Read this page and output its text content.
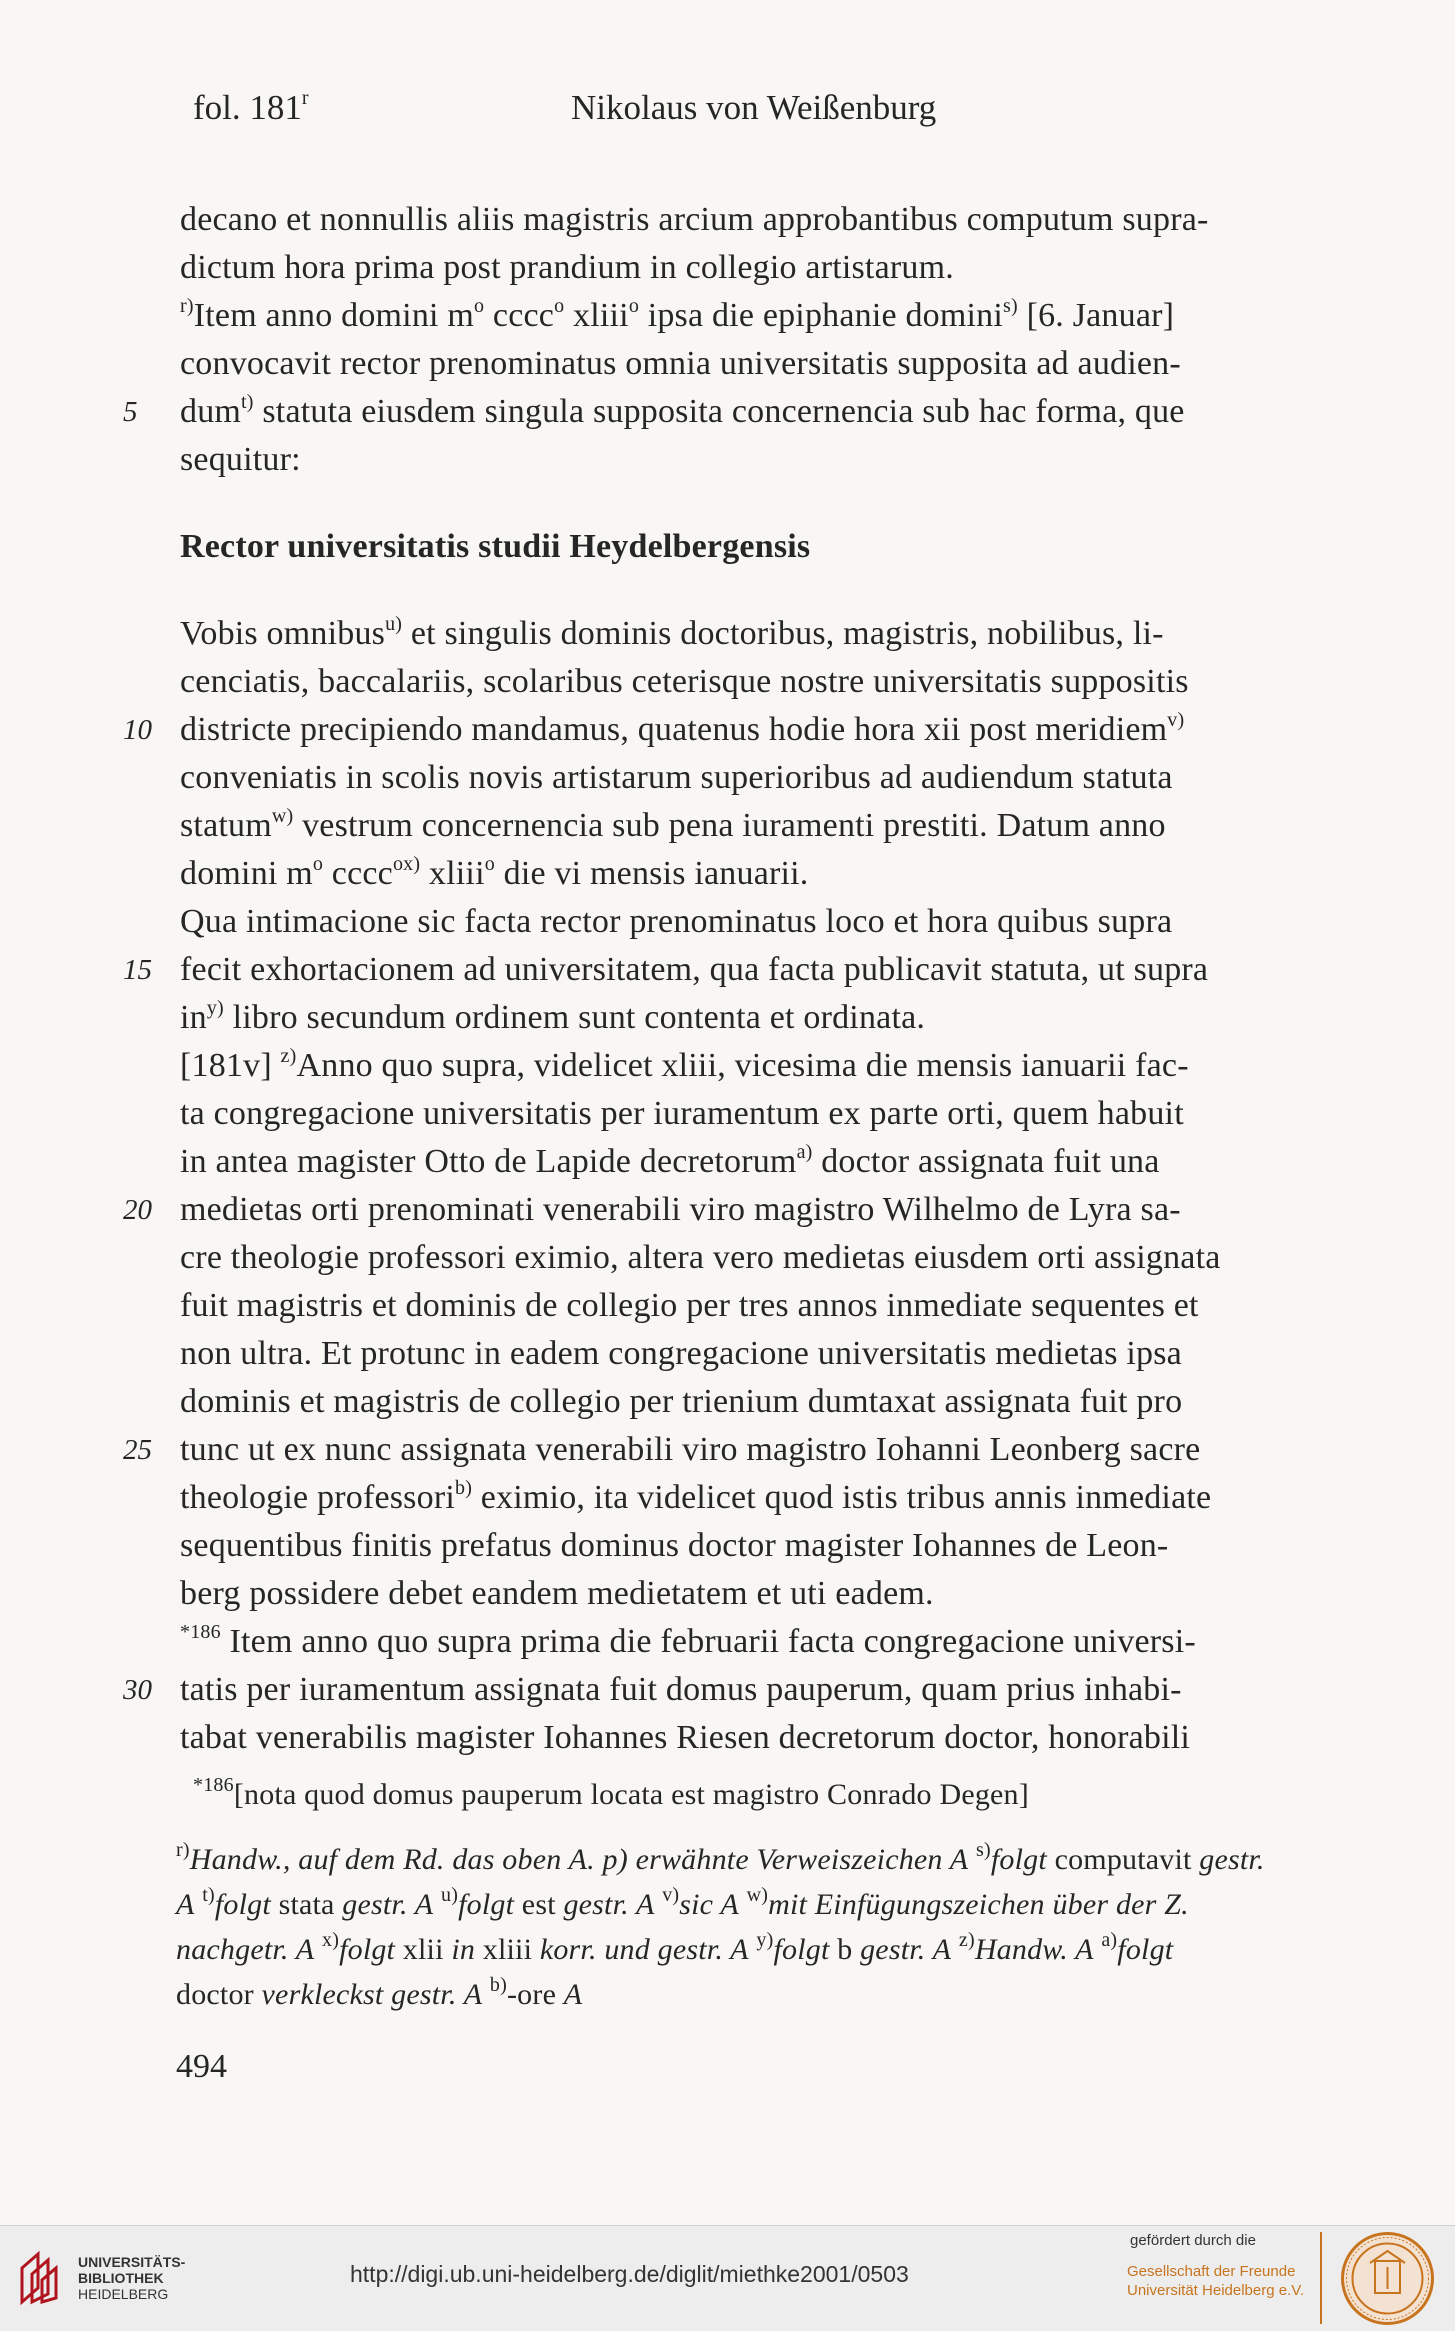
fol. 181$^r$	Nikolaus von Weißenburg
decano et nonnullis aliis magistris arcium approbantibus computum supra-
dictum hora prima post prandium in collegio artistarum.
$^{r)}$Item anno domini $m^o$ cccc$^o$ xliii$^o$ ipsa die epiphanie domini$^{s)}$ [6. Januar]
convocavit rector prenominatus omnia universitatis supposita ad audien-
dum$^{t)}$ statuta eiusdem singula supposita concernencia sub hac forma, que
5
sequitur:
Rector universitatis studii Heydelbergensis
Vobis omnibus$^{u)}$ et singulis dominis doctoribus, magistris, nobilibus, li-
cenciatis, baccalariis, scolaribus ceterisque nostre universitatis suppositis
districte precipiendo mandamus, quatenus hodie hora xii post meridiem$^{v)}$
10
conveniatis in scolis novis artistarum superioribus ad audiendum statuta
statum$^{w)}$ vestrum concernencia sub pena iuramenti prestiti. Datum anno
domini $m^o$ cccc$^{ox)}$ xliii$^o$ die vi mensis ianuarii.
Qua intimacione sic facta rector prenominatus loco et hora quibus supra
fecit exhortacionem ad universitatem, qua facta publicavit statuta, ut supra
15
$in^{y)}$ libro secundum ordinem sunt contenta et ordinata.
[181v] $^{z)}$Anno quo supra, videlicet xliii, vicesima die mensis ianuarii fac-
ta congregacione universitatis per iuramentum ex parte orti, quem habuit
in antea magister Otto de Lapide decretorum$^{a)}$ doctor assignata fuit una
medietas orti prenominati venerabili viro magistro Wilhelmo de Lyra sa-
20
cre theologie professori eximio, altera vero medietas eiusdem orti assignata
fuit magistris et dominis de collegio per tres annos inmediate sequentes et
non ultra. Et protunc in eadem congregacione universitatis medietas ipsa
dominis et magistris de collegio per trienium dumtaxat assignata fuit pro
tunc ut ex nunc assignata venerabili viro magistro Iohanni Leonberg sacre
25
theologie professori$^{b)}$ eximio, ita videlicet quod istis tribus annis inmediate
sequentibus finitis prefatus dominus doctor magister Iohannes de Leon-
berg possidere debet eandem medietatem et uti eadem.
$^{*186}$ Item anno quo supra prima die februarii facta congregacione universi-
tatis per iuramentum assignata fuit domus pauperum, quam prius inhabi-
30
tabat venerabilis magister Iohannes Riesen decretorum doctor, honorabili
$^{*186}$[nota quod domus pauperum locata est magistro Conrado Degen]
$^{r)}$Handw., auf dem Rd. das oben A. p) erwähnte Verweiszeichen A $^{s)}$folgt computavit gestr.
A $^{t)}$folgt stata gestr. A $^{u)}$folgt est gestr. A $^{v)}$sic A $^{w)}$mit Einfügungszeichen über der Z.
nachgetr. A $^{x)}$folgt xlii in xliii korr. und gestr. A $^{y)}$folgt b gestr. A $^{z)}$Handw. A $^{a)}$folgt
doctor verkleckst gestr. A $^{b)}$-ore A
494
UNIVERSITÄTS-
BIBLIOTHEK
HEIDELBERG
http://digi.ub.uni-heidelberg.de/diglit/miethke2001/0503
gefördert durch die
Gesellschaft der Freunde
Universität Heidelberg e.V.
